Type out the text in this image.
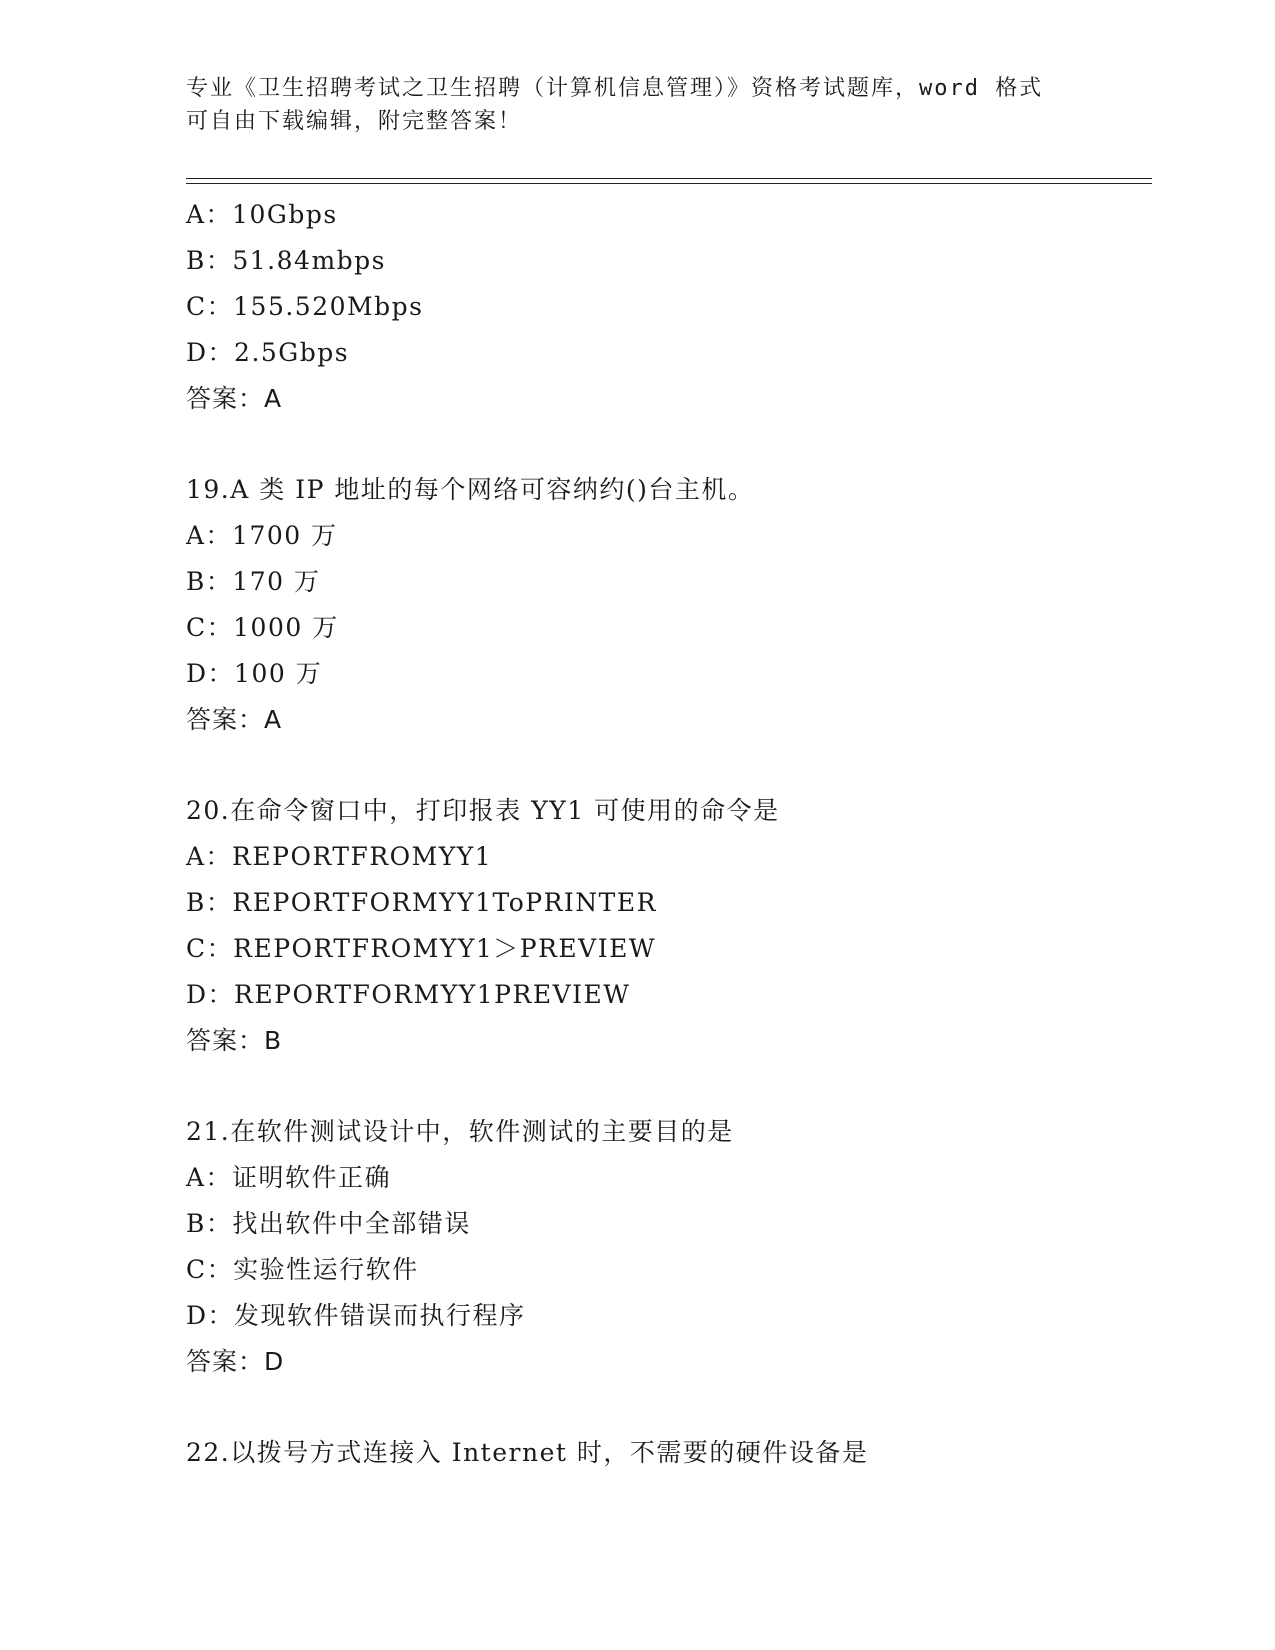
专业《卫生招聘考试之卫生招聘（计算机信息管理）》资格考试题库，word 格式
可自由下载编辑，附完整答案！
A：10Gbps
B：51.84mbps
C：155.520Mbps
D：2.5Gbps
答案：A
19.A 类 IP 地址的每个网络可容纳约()台主机。
A：1700 万
B：170 万
C：1000 万
D：100 万
答案：A
20.在命令窗口中，打印报表 YY1 可使用的命令是
A：REPORTFROMYY1
B：REPORTFORMYY1ToPRINTER
C：REPORTFROMYY1＞PREVIEW
D：REPORTFORMYY1PREVIEW
答案：B
21.在软件测试设计中，软件测试的主要目的是
A：证明软件正确
B：找出软件中全部错误
C：实验性运行软件
D：发现软件错误而执行程序
答案：D
22.以拨号方式连接入 Internet 时，不需要的硬件设备是
